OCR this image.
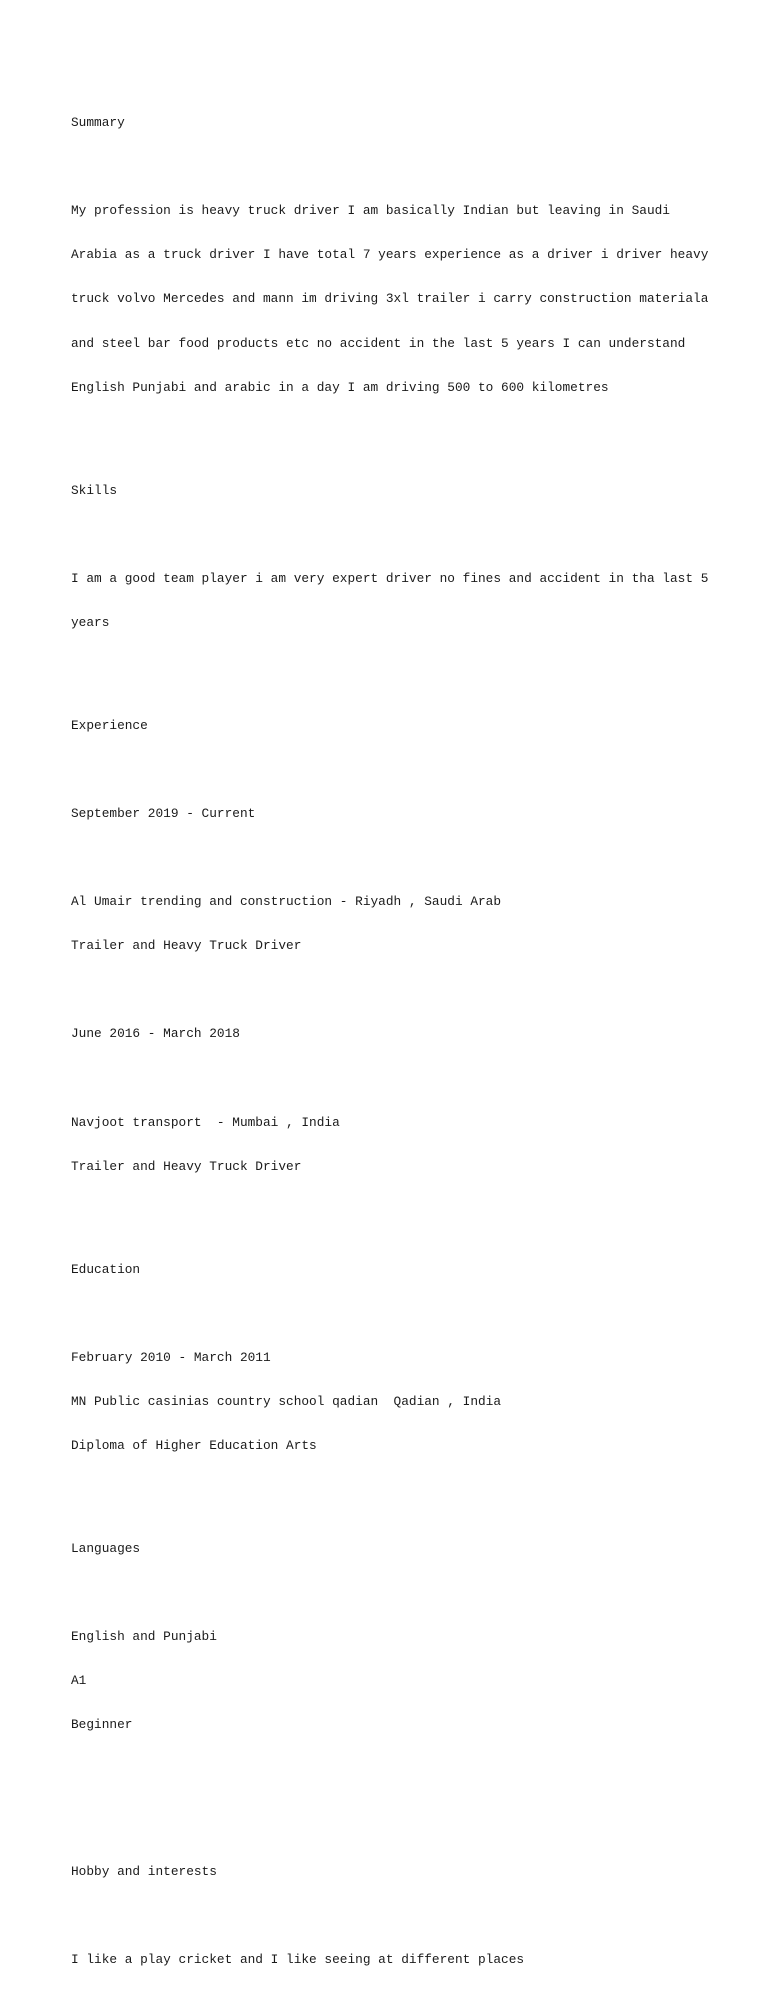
Summary

My profession is heavy truck driver I am basically Indian but leaving in Saudi

Arabia as a truck driver I have total 7 years experience as a driver i driver heavy

truck volvo Mercedes and mann im driving 3xl trailer i carry construction materiala

and steel bar food products etc no accident in the last 5 years I can understand

English Punjabi and arabic in a day I am driving 500 to 600 kilometres

Skills

I am a good team player i am very expert driver no fines and accident in tha last 5

years

Experience

September 2019 - Current

Al Umair trending and construction - Riyadh , Saudi Arab

Trailer and Heavy Truck Driver

June 2016 - March 2018

Navjoot transport  - Mumbai , India

Trailer and Heavy Truck Driver

Education

February 2010 - March 2011

MN Public casinias country school qadian  Qadian , India

Diploma of Higher Education Arts

Languages

English and Punjabi

A1

Beginner

Hobby and interests

I like a play cricket and I like seeing at different places
